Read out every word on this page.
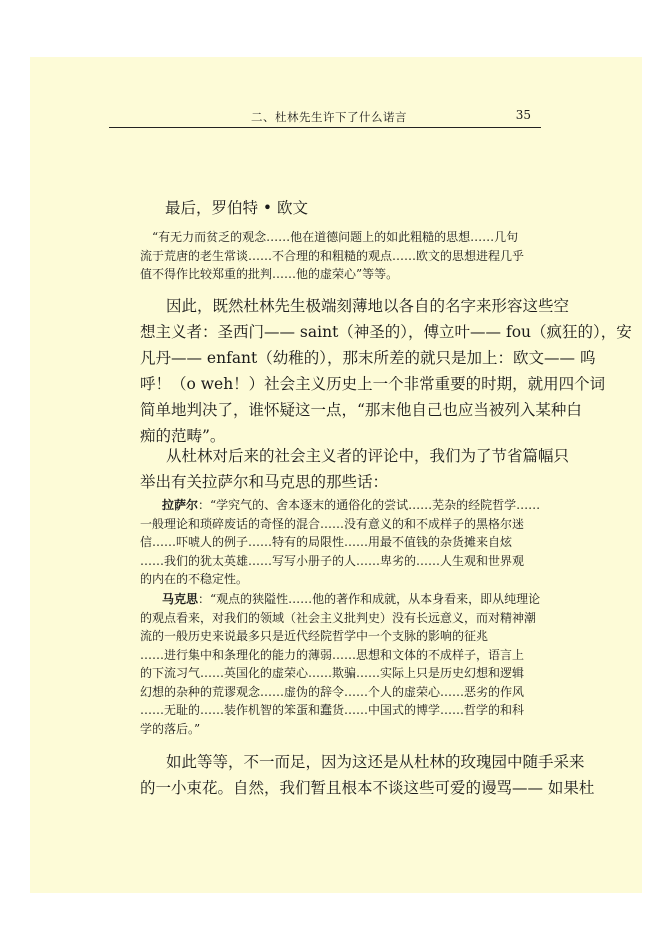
二、杜林先生许下了什么诺言	35
最后，罗伯特 • 欧文
“有无力而贫乏的观念……他在道德问题上的如此粗糙的思想……几句
流于荒唐的老生常谈……不合理的和粗糙的观点……欧文的思想进程几乎
值不得作比较郑重的批判……他的虚荣心”等等。
因此，既然杜林先生极端刻薄地以各自的名字来形容这些空
想主义者：圣西门—— saint（神圣的），傅立叶—— fou（疯狂的），安
凡丹—— enfant（幼稚的），那末所差的就只是加上：欧文—— 呜
呼！（o weh！）社会主义历史上一个非常重要的时期，就用四个词
简单地判决了，谁怀疑这一点，“那末他自己也应当被列入某种白
痴的范畴”。
从杜林对后来的社会主义者的评论中，我们为了节省篇幅只
举出有关拉萨尔和马克思的那些话：
拉萨尔：“学究气的、舍本逐末的通俗化的尝试……芜杂的经院哲学……
一般理论和琐碎废话的奇怪的混合……没有意义的和不成样子的黑格尔迷
信……吓唬人的例子……特有的局限性……用最不值钱的杂货摊来自炫
……我们的犹太英雄……写写小册子的人……卑劣的……人生观和世界观
的内在的不稳定性。
马克思：“观点的狭隘性……他的著作和成就，从本身看来，即从纯理论
的观点看来，对我们的领域（社会主义批判史）没有长远意义，而对精神潮
流的一般历史来说最多只是近代经院哲学中一个支脉的影响的征兆
……进行集中和条理化的能力的薄弱……思想和文体的不成样子，语言上
的下流习气……英国化的虚荣心……欺骗……实际上只是历史幻想和逻辑
幻想的杂种的荒谬观念……虚伪的辞令……个人的虚荣心……恶劣的作风
……无耻的……装作机智的笨蛋和蠢货……中国式的博学……哲学的和科
学的落后。”
如此等等，不一而足，因为这还是从杜林的玫瑰园中随手采来
的一小束花。自然，我们暂且根本不谈这些可爱的谩骂—— 如果杜
